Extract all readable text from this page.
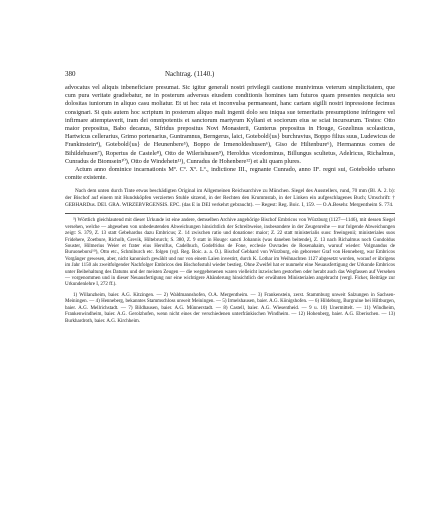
380	Nachtrag. (1140.)

advocatus vel aliquis inbeneficiare presumat. Sic igitur generali nostri privilegii cautione munivimus veterum simplicitatem, que cum pura veritate gradiebatur, ne in posterum adversus eiusdem conditionis homines tam futuros quam presentes nequicia seu dolositas iuniorum in aliquo casu moliatur. Et ut hec rata et inconvulsa permaneant, hanc cartam sigilli nostri inpressione fecimus consignari. Si quis autem hoc scriptum in posterum aliquo mali ingenii dolo seu iniqua sue temeritatis presumptione infringere vel infirmare attemptaverit, iram dei omnipotentis et sanctorum martyrum Kyliani et sociorum eius se sciat incursurum. Testes: Otto maior prepositus, Babo decanus, Sifridus prepositus Novi Monasterii, Gunterus prepositus in Houge, Gozelinus scolasticus, Hartwicus cellerarius, Grimo portenarius, Guntramnus, Berngerus, laici, Gotebold{us} burchravius, Boppo filius suus, Ludewicus de Frankinstein⁴), Gotebold{us} de Heunenbere⁵), Boppo de Irmenoldeshusen⁶), Giso de Hiltenbure⁶), Hermannus comes de Bihildehusen⁷), Ropertus de Castele⁸), Otto de Wilerishusen⁹), Heroldus vicedominus, Billungus scultetus, Adelricus, Richalmus, Cunradus de Btomsein¹⁰), Otto de Windehein¹¹), Cunradus de Hohenbere¹²) et alii quam plures.

Actum anno dominice incarnationis Mº. Cº. Xº. Lº., indictione III., regnante Cunrado, anno IIº. regni sui, Goteboldo urbano comite existente.

Nach dem unten durch Tinte etwas beschädigten Original im Allgemeinen Reichsarchive zu München. Siegel des Ausstellers, rund, 70 mm (Bl. A. 2. b): der Bischof auf einem mit Hundsköpfen verzierten Stuhle sitzend, in der Rechten den Krummstab, in der Linken ein aufgeschlagenes Buch; Umschrift: † GEBHARDus. DEI. GRA. WIRZEBVRGENSIS. EPC. (das E in DEI verkehrt gebraucht). — Regest: Reg. Boic. I, 159. — O.A.Besehr. Mergentheim S. 774.

³) Wörtlich gleichlautend mit dieser Urkunde ist eine andere, demselben Archive angehörige Bischof Embricos von Würzburg (1127—1146), mit dessen Siegel versehen, welche — abgesehen von unbedeutenden Abweichungen hinsichtlich der Schreibweise, insbesondere in der Zeugenreihe — nur folgende Abweichungen zeigt: S. 379, Z. 13 statt Gebehardus dazu Embricus; Z. 14 zwischen ratio und donatione: maior; Z. 22 statt ministerialis suos: freeingenii; ministeriales suos Fridehere, Zoetbure, Richolb, Grevik, Hiltebrurch; S. 380, Z. 9 statt in Houge: sancti Johannis (was daneben beitende), Z. 13 nach Richalmus noch Gundoldus Souster, Hilmerius Weier et frater eius Herolfus, Cadelhuch, Godefridus de Fone, ecclesie Ouvrades de Rosenahaim, waruuf wieder: Volgnandus de Buruoneborsi¹⁰), Otto etc., Schmiburch etc. folgen (vgl. Reg. Boic. a. a. O.). Bischof Gebhard von Würzburg, ein geborener Graf von Henneberg, war Embricos Vorgänger gewesen, aber, nicht kanonisch gewählt und nur von einem Laien investirt, durch K. Lothar im Weihnachten 1127 abgesetzt worden, worauf er übrigens im Jahr 1150 als zweitfolgender Nachfolger Embricos den Bischofsstuhl wieder bestieg. Ohne Zweifel hat er nunmehr eine Neuausfertigung der Urkunde Embricos unter Beibehaltung des Datums und der meisten Zeugen — die weggebenenen waren vielleicht inzwischen gestorben oder herabt auch das Wegfassen auf Versehen — vorgenommen und in dieser Neuausfertigung nur eine wichtigere Abänderung hinsichtlich der erwähnten Ministerialen angebracht (vergl. Ficker, Beiträge zur Urkundenlehre I, 272 ff.).

1) Willanzheim, baier. A.G. Kitzingen. — 2) Waldmannshofen, O.A. Mergentheim. — 3) Frankenstein, zerst. Stammburg unweit Salzungen in Sachsen-Meiningen. — 4) Henneberg, bekanntes Stammschloss unweit Meiningen. — 5) Irmelshausen, baier. A.G. Königshofen. — 6) Hildeburg, Burgruine bei Hiltburgen, baier. A.G. Mellrichstadt. — 7) Bildhausen, baier. A.G. Münnerstadt. — 8) Castell, baier. A.G. Wiesentheid. — 9 u. 10) Unermittelt. — 11) Windheim, Frankenwindheim, baier. A.G. Gerolzhofen, wenn nicht eines der verschiedenen unterfränkischen Windheim. — 12) Hohenberg, baier. A.G. Eberischen. — 13) Burkhardroth, baier. A.G. Kirchheim.
